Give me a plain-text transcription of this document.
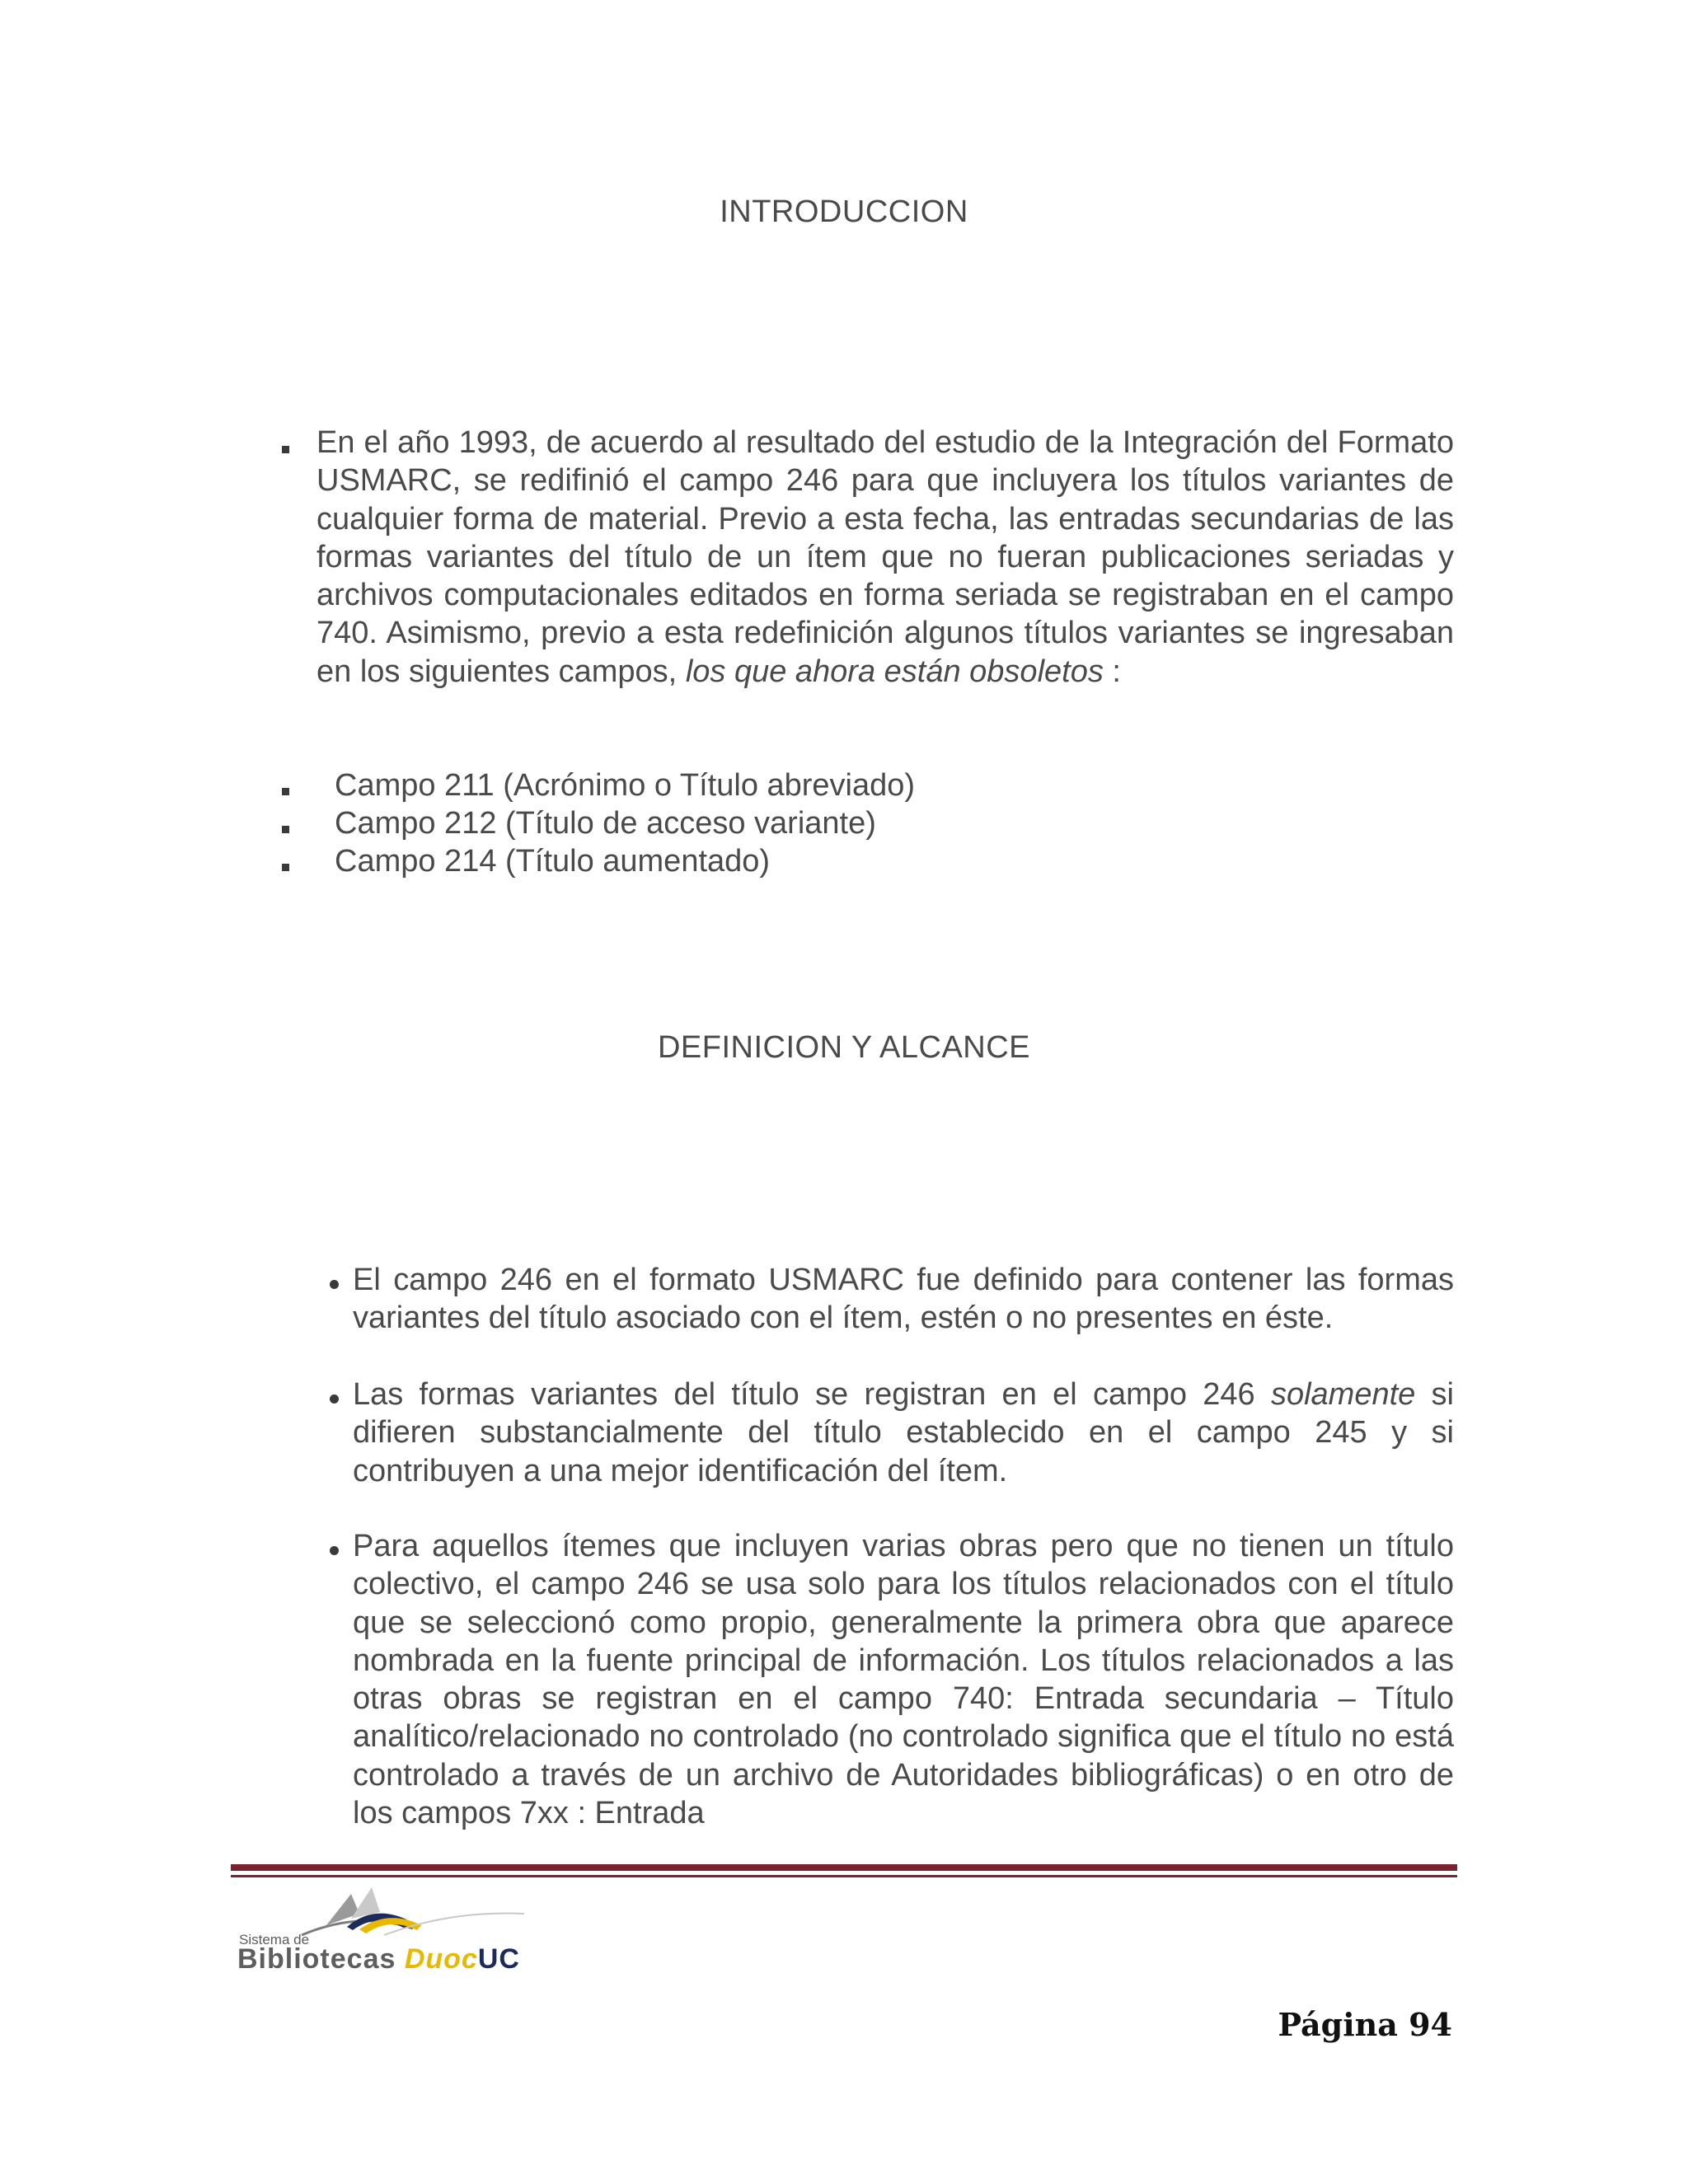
INTRODUCCION
En el año 1993, de acuerdo al resultado del estudio de la Integración del Formato USMARC, se redifinió el campo 246 para que incluyera los títulos variantes de cualquier forma de material. Previo a esta fecha, las entradas secundarias de las formas variantes del título de un ítem que no fueran publicaciones seriadas y archivos computacionales editados en forma seriada se registraban en el campo 740. Asimismo, previo a esta redefinición algunos títulos variantes se ingresaban en los siguientes campos, los que ahora están obsoletos :
Campo 211 (Acrónimo o Título abreviado)
Campo 212 (Título de acceso variante)
Campo 214 (Título aumentado)
DEFINICION Y ALCANCE
El campo 246 en el formato USMARC fue definido para contener las formas variantes del título asociado con el ítem, estén o no presentes en éste.
Las formas variantes del título se registran en el campo 246 solamente si difieren substancialmente del título establecido en el campo 245 y si contribuyen a una mejor identificación del ítem.
Para aquellos ítemes que incluyen varias obras pero que no tienen un título colectivo, el campo 246 se usa solo para los títulos relacionados con el título que se seleccionó como propio, generalmente la primera obra que aparece nombrada en la fuente principal de información. Los títulos relacionados a las otras obras se registran en el campo 740: Entrada secundaria – Título analítico/relacionado no controlado (no controlado significa que el título no está controlado a través de un archivo de Autoridades bibliográficas) o en otro de los campos 7xx : Entrada
Sistema de
Bibliotecas DuocUC
Página 94
